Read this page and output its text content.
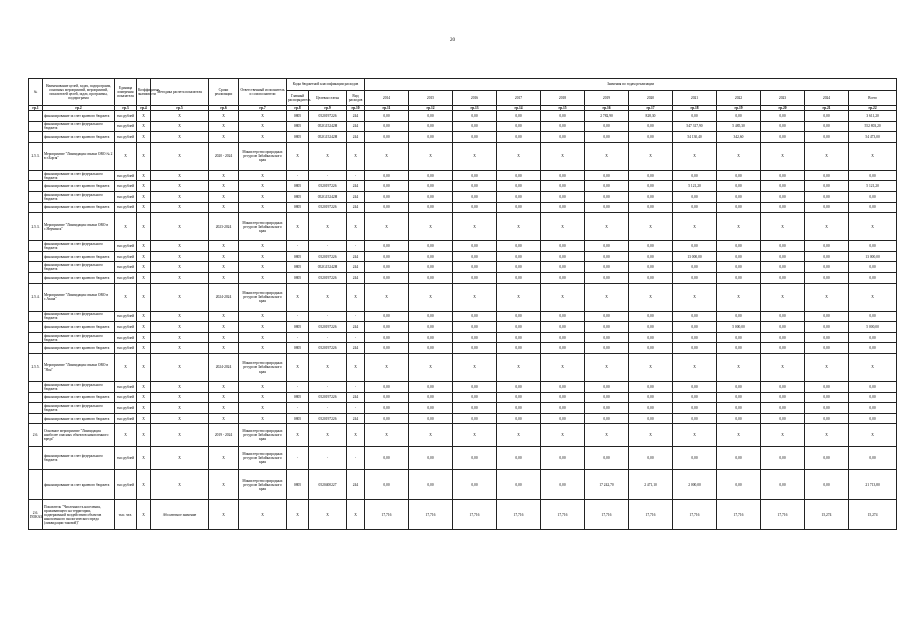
20
№	Наименование целей, задач, подпрограмм, основных мероприятий, мероприятий, показателей целей, задач, программы, подпрограмм	Единица измерения показателя	Коэффициент значимости	Методика расчета показателя	Сроки реализации	Ответственный исполнитель и соисполнители	Коды бюджетной классификации расходов			Значения по годам реализации											
							Главный распорядитель	Целевая статья	Вид расходов	2014	2015	2016	2017	2018	2019	2020	2021	2022	2023	2024	Всего
гр.1	гр.2	гр.3	гр.4	гр.5	гр.6	гр.7	гр.8	гр.9	гр.10	гр.11	гр.12	гр.13	гр.14	гр.15	гр.16	гр.17	гр.18	гр.19	гр.20	гр.21	гр.22
	финансирование за счет краевого бюджета	тыс.рублей	X	X	X	X	0805	0520197226	244	0,00	0,00	0,00	0,00	0,00	2 782,90	828,30	0,00	0,00	0,00	0,00	3 611,20
	финансирование за счет федерального бюджета	тыс.рублей	X	X	X	X	0805	052G15242Н	244	0,00	0,00	0,00	0,00	0,00	0,00	0,00	547 317,90	5 485,30	0,00	0,00	552 803,20
	финансирование за счет краевого бюджета	тыс.рублей	X	X	X	X	0805	052G15242Н	244	0,00	0,00	0,00	0,00	0,00	0,00	0,00	54 130,40	342,60	0,00	0,00	54 473,00
2.5.3.	Мероприятие "Ликвидация свалки ОВО № 2 в г.Борзя"	X	X	X	2020 - 2024	Министерство природных ресурсов Забайкальского края	X	X	X	X	X	X	X	X	X	X	X	X	X	X	X
	финансирование за счет федерального бюджета	тыс.рублей	X	X	X	X	-	-	-	0,00	0,00	0,00	0,00	0,00	0,00	0,00	0,00	0,00	0,00	0,00	0,00
	финансирование за счет краевого бюджета	тыс.рублей	X	X	X	X	0805	0520197226	244	0,00	0,00	0,00	0,00	0,00	0,00	0,00	5 121,20	0,00	0,00	0,00	5 121,20
	финансирование за счет федерального бюджета	тыс.рублей	X	X	X	X	0805	052G15242Н	244	0,00	0,00	0,00	0,00	0,00	0,00	0,00	0,00	0,00	0,00	0,00	0,00
	финансирование за счет краевого бюджета	тыс.рублей	X	X	X	X	0805	0520197226	244	0,00	0,00	0,00	0,00	0,00	0,00	0,00	0,00	0,00	0,00	0,00	0,00
2.5.3.	Мероприятие "Ликвидация свалки ОВО в с.Нерчинск"	X	X	X	2023-2024	Министерство природных ресурсов Забайкальского края	X	X	X	X	X	X	X	X	X	X	X	X	X	X	X
	финансирование за счет федерального бюджета	тыс.рублей	X	X	X	X	-	-	-	0,00	0,00	0,00	0,00	0,00	0,00	0,00	0,00	0,00	0,00	0,00	0,00
	финансирование за счет краевого бюджета	тыс.рублей	X	X	X	X	0805	0520197226	244	0,00	0,00	0,00	0,00	0,00	0,00	0,00	13 000,00	0,00	0,00	0,00	13 000,00
	финансирование за счет федерального бюджета	тыс.рублей	X	X	X	X	0805	052G15242Н	244	0,00	0,00	0,00	0,00	0,00	0,00	0,00	0,00	0,00	0,00	0,00	0,00
	финансирование за счет краевого бюджета	тыс.рублей	X	X	X	X	0805	0520197226	244	0,00	0,00	0,00	0,00	0,00	0,00	0,00	0,00	0,00	0,00	0,00	0,00
2.5.4.	Мероприятие "Ликвидация свалки ОВО в с.Акша"	X	X	X	2024-2024	Министерство природных ресурсов Забайкальского края	X	X	X	X	X	X	X	X	X	X	X	X	X	X	X
	финансирование за счет федерального бюджета	тыс.рублей	X	X	X	X	-	-	-	0,00	0,00	0,00	0,00	0,00	0,00	0,00	0,00	0,00	0,00	0,00	0,00
	финансирование за счет краевого бюджета	тыс.рублей	X	X	X	X	0805	0520197226	244	0,00	0,00	0,00	0,00	0,00	0,00	0,00	0,00	5 000,00	0,00	0,00	5 000,00
	финансирование за счет федерального бюджета	тыс.рублей	X	X	X	X	-	-	-	0,00	0,00	0,00	0,00	0,00	0,00	0,00	0,00	0,00	0,00	0,00	0,00
	финансирование за счет краевого бюджета	тыс.рублей	X	X	X	X	0805	0520197226	244	0,00	0,00	0,00	0,00	0,00	0,00	0,00	0,00	0,00	0,00	0,00	0,00
2.5.5.	Мероприятие "Ликвидация свалки ОВО в "Ясн"	X	X	X	2024-2024	Министерство природных ресурсов Забайкальского края	X	X	X	X	X	X	X	X	X	X	X	X	X	X	X
	финансирование за счет федерального бюджета	тыс.рублей	X	X	X	X	-	-	-	0,00	0,00	0,00	0,00	0,00	0,00	0,00	0,00	0,00	0,00	0,00	0,00
	финансирование за счет краевого бюджета	тыс.рублей	X	X	X	X	0805	0520197226	244	0,00	0,00	0,00	0,00	0,00	0,00	0,00	0,00	0,00	0,00	0,00	0,00
	финансирование за счет федерального бюджета	тыс.рублей	X	X	X	X	-	-	-	0,00	0,00	0,00	0,00	0,00	0,00	0,00	0,00	0,00	0,00	0,00	0,00
	финансирование за счет краевого бюджета	тыс.рублей	X	X	X	X	0805	0520197226	244	0,00	0,00	0,00	0,00	0,00	0,00	0,00	0,00	0,00	0,00	0,00	0,00
2.6.	Основное мероприятие "Ликвидация наиболее опасных объектов накопленного вреда"	X	X	X	2019 - 2024	Министерство природных ресурсов Забайкальского края	X	X	X	X	X	X	X	X	X	X	X	X	X	X	X
	финансирование за счет федерального бюджета	тыс.рублей	X	X	X	Министерство природных ресурсов Забайкальского края	-	-	-	0,00	0,00	0,00	0,00	0,00	0,00	0,00	0,00	0,00	0,00	0,00	0,00
	финансирование за счет краевого бюджета	тыс.рублей	X	X	X	Министерство природных ресурсов Забайкальского края	0805	0520400227	244	0,00	0,00	0,00	0,00	0,00	17 242,70	2 471,10	2 000,00	0,00	0,00	0,00	21 713,80
2.6. ПОКАЗ.	Показатель "Численность населения, проживающего на территории, подверженной воздействию объектов накопленного экологического вреда (ликвидации таковой)"	тыс. чел.	X	Абсолютное значение	X	X	X	X	X	17,716	17,716	17,716	17,716	17,716	17,716	17,716	17,716	17,716	17,716	15,274	15,274
